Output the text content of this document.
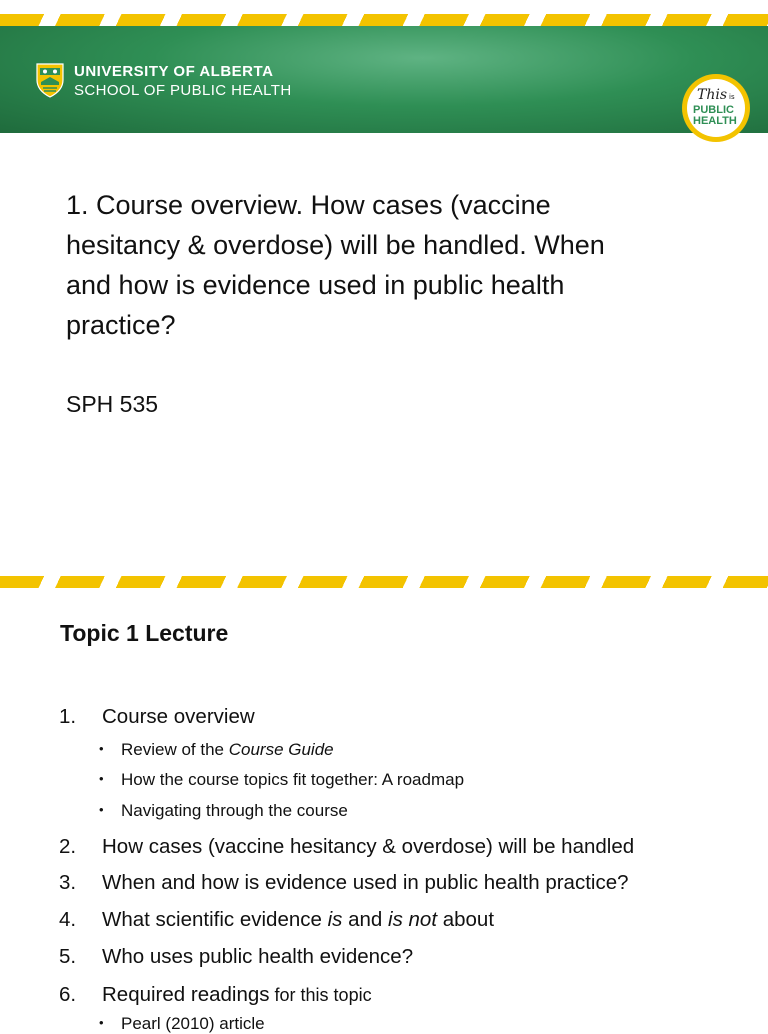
UNIVERSITY OF ALBERTA
SCHOOL OF PUBLIC HEALTH	This is
PUBLIC
HEALTH
1. Course overview. How cases (vaccine
hesitancy & overdose) will be handled. When
and how is evidence used in public health
practice?
SPH 535
Topic 1 Lecture
1. Course overview
• Review of the Course Guide
• How the course topics fit together: A roadmap
• Navigating through the course
2. How cases (vaccine hesitancy & overdose) will be handled
3. When and how is evidence used in public health practice?
4. What scientific evidence is and is not about
5. Who uses public health evidence?
6. Required readings for this topic
• Pearl (2010) article
